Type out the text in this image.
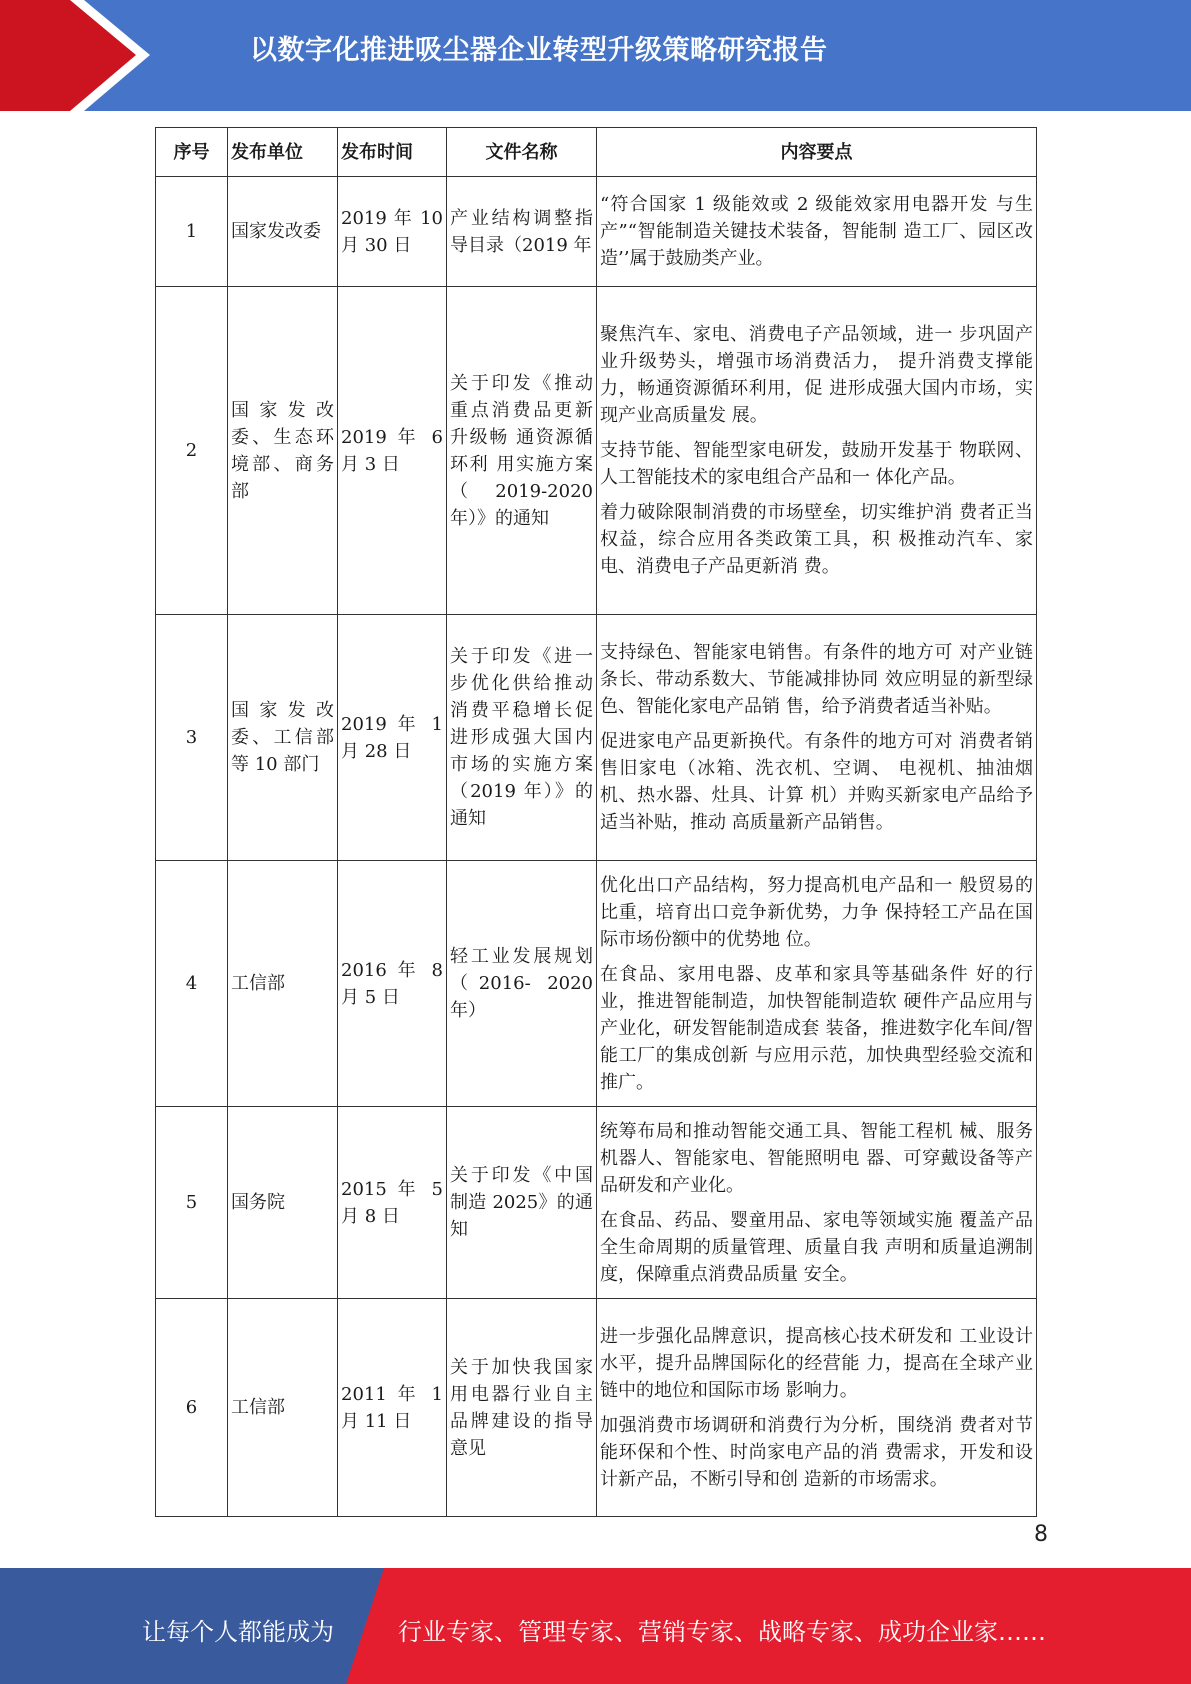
以数字化推进吸尘器企业转型升级策略研究报告
序号	发布单位	发布时间	文件名称	内容要点
1	国家发改委	2019 年 10 月 30 日	产业结构调整指导目录（2019 年	“符合国家 1 级能效或 2 级能效家用电器开发 与生产”“智能制造关键技术装备，智能制 造工厂、园区改造’’属于鼓励类产业。

2	国家发改委、生态环境部、商务部	2019 年 6 月 3 日	关于印发《推动重点消费品更新升级畅 通资源循环利 用实施方案（2019-2020 年）》的通知	聚焦汽车、家电、消费电子产品领域，进一 步巩固产业升级势头，增强市场消费活力， 提升消费支撑能力，畅通资源循环利用，促 进形成强大国内市场，实现产业高质量发 展。

支持节能、智能型家电研发，鼓励开发基于 物联网、人工智能技术的家电组合产品和一 体化产品。

着力破除限制消费的市场壁垒，切实维护消 费者正当权益，综合应用各类政策工具，积 极推动汽车、家电、消费电子产品更新消 费。

3	国家发改委、工信部等 10 部门	2019 年 1 月 28 日	关于印发《进一步优化供给推动消费平稳增长促进形成强大国内市场的实施方案（2019 年）》的通知	支持绿色、智能家电销售。有条件的地方可 对产业链条长、带动系数大、节能减排协同 效应明显的新型绿色、智能化家电产品销 售，给予消费者适当补贴。

促进家电产品更新换代。有条件的地方可对 消费者销售旧家电（冰箱、洗衣机、空调、 电视机、抽油烟机、热水器、灶具、计算 机）并购买新家电产品给予适当补贴，推动 高质量新产品销售。

4	工信部	2016 年 8 月 5 日	轻工业发展规划（2016- 2020 年）	优化出口产品结构，努力提高机电产品和一 般贸易的比重，培育出口竞争新优势，力争 保持轻工产品在国际市场份额中的优势地 位。

在食品、家用电器、皮革和家具等基础条件 好的行业，推进智能制造，加快智能制造软 硬件产品应用与产业化，研发智能制造成套 装备，推进数字化车间/智能工厂的集成创新 与应用示范，加快典型经验交流和推广。

5	国务院	2015 年 5 月 8 日	关于印发《中国制造 2025》的通知	统筹布局和推动智能交通工具、智能工程机 械、服务机器人、智能家电、智能照明电 器、可穿戴设备等产品研发和产业化。

在食品、药品、婴童用品、家电等领域实施 覆盖产品全生命周期的质量管理、质量自我 声明和质量追溯制度，保障重点消费品质量 安全。

6	工信部	2011 年 1 月 11 日	关于加快我国家用电器行业自主品牌建设的指导意见	进一步强化品牌意识，提高核心技术研发和 工业设计水平，提升品牌国际化的经营能 力，提高在全球产业链中的地位和国际市场 影响力。

加强消费市场调研和消费行为分析，围绕消 费者对节能环保和个性、时尚家电产品的消 费需求，开发和设计新产品，不断引导和创 造新的市场需求。

8
让每个人都能成为	行业专家、管理专家、营销专家、战略专家、成功企业家……
